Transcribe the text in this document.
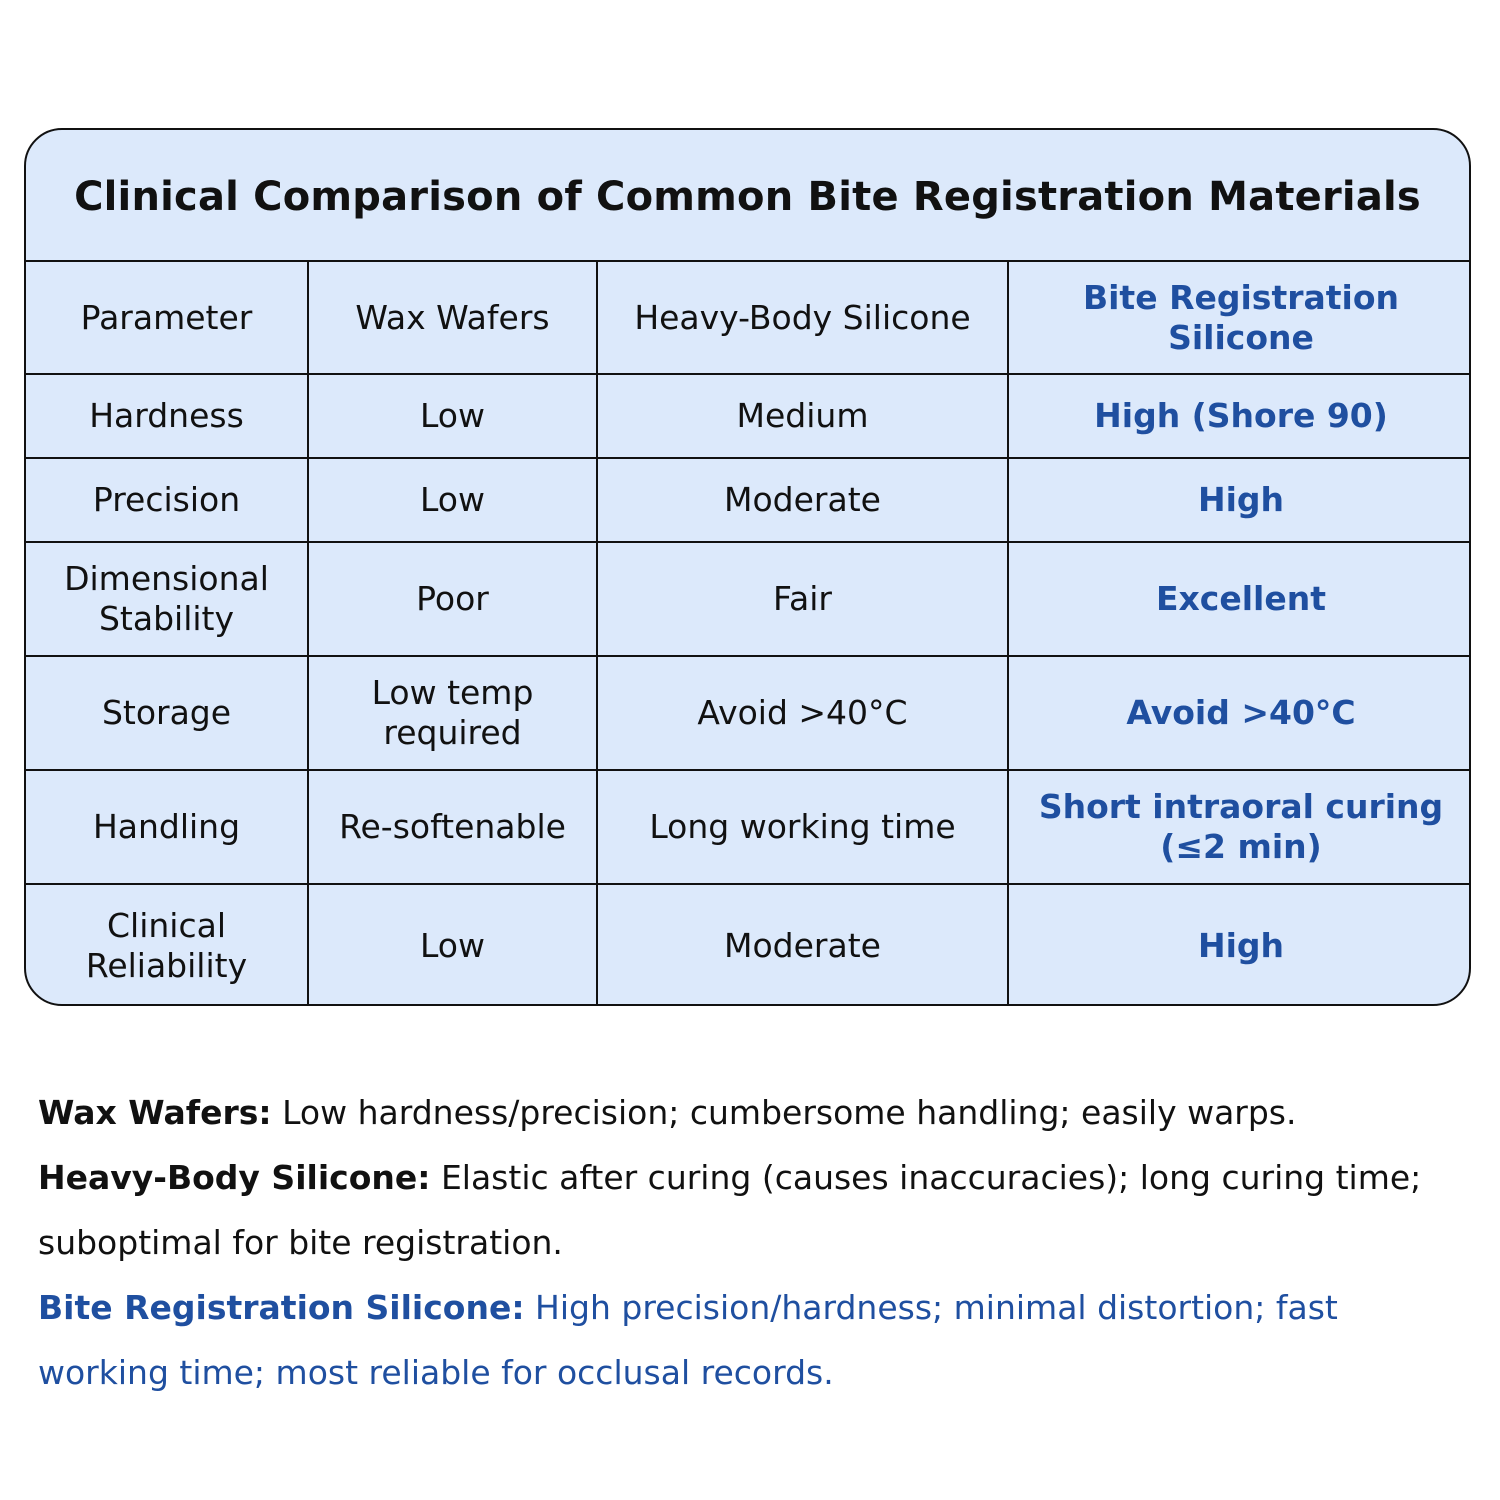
Clinical Comparison of Common Bite Registration Materials
Parameter	Wax Wafers	Heavy-Body Silicone	Bite Registration Silicone
Hardness	Low	Medium	High (Shore 90)
Precision	Low	Moderate	High
Dimensional Stability	Poor	Fair	Excellent
Storage	Low temp required	Avoid >40°C	Avoid >40°C
Handling	Re-softenable	Long working time	Short intraoral curing (≤2 min)
Clinical Reliability	Low	Moderate	High

Wax Wafers: Low hardness/precision; cumbersome handling; easily warps.

Heavy-Body Silicone: Elastic after curing (causes inaccuracies); long curing time; suboptimal for bite registration.

Bite Registration Silicone: High precision/hardness; minimal distortion; fast working time; most reliable for occlusal records.
